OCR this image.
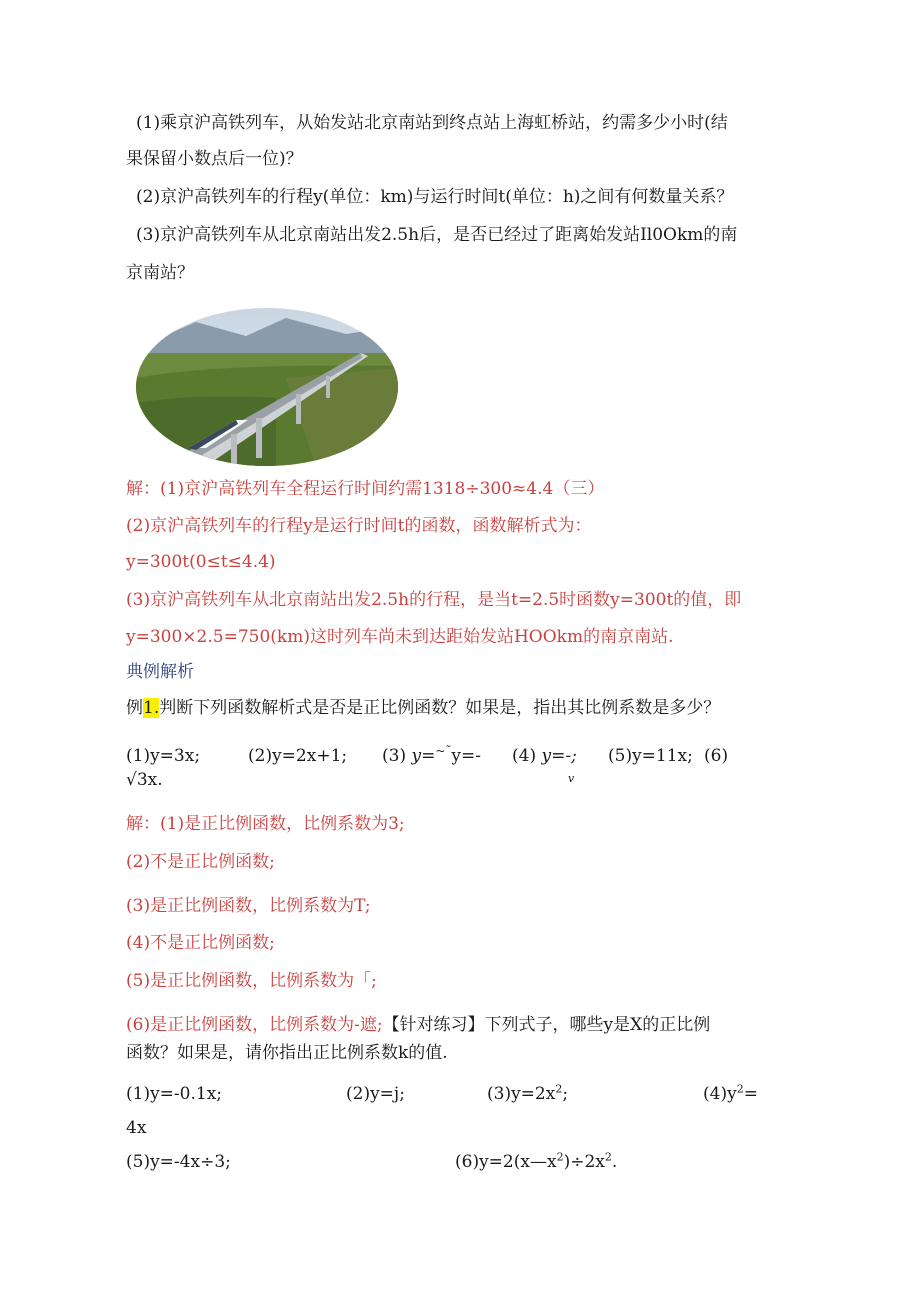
(1)乘京沪高铁列车，从始发站北京南站到终点站上海虹桥站，约需多少小时(结
果保留小数点后一位)？
(2)京沪高铁列车的行程y(单位：km)与运行时间t(单位：h)之间有何数量关系？
(3)京沪高铁列车从北京南站出发2.5h后，是否已经过了距离始发站Il0Okm的南
京南站？
解：(1)京沪高铁列车全程运行时间约需1318÷300≈4.4（三）
(2)京沪高铁列车的行程y是运行时间t的函数，函数解析式为：
y=300t(0≤t≤4.4)
(3)京沪高铁列车从北京南站出发2.5h的行程，是当t=2.5时函数y=300t的值，即
y=300×2.5=750(km)这时列车尚未到达距始发站HOOkm的南京南站.
典例解析
例1.判断下列函数解析式是否是正比例函数？如果是，指出其比例系数是多少？
(1)y=3x;	(2)y=2x+1; (3) y=~˜y=- (4) y=-;
v
(5)y=11x; (6)
√3x.
解：(1)是正比例函数，比例系数为3;
(2)不是正比例函数;
(3)是正比例函数，比例系数为T;
(4)不是正比例函数;
(5)是正比例函数，比例系数为「;
(6)是正比例函数，比例系数为-遮;【针对练习】下列式子，哪些y是X的正比例
函数？如果是，请你指出正比例系数k的值.
(1)y=-0.1x;	(2)y=j;	$(3)y=2x^2$;	$(4)y^2=$
4x
(5)y=-4x÷3;	$(6)y=2(x—x^2)\div 2x^2$.
